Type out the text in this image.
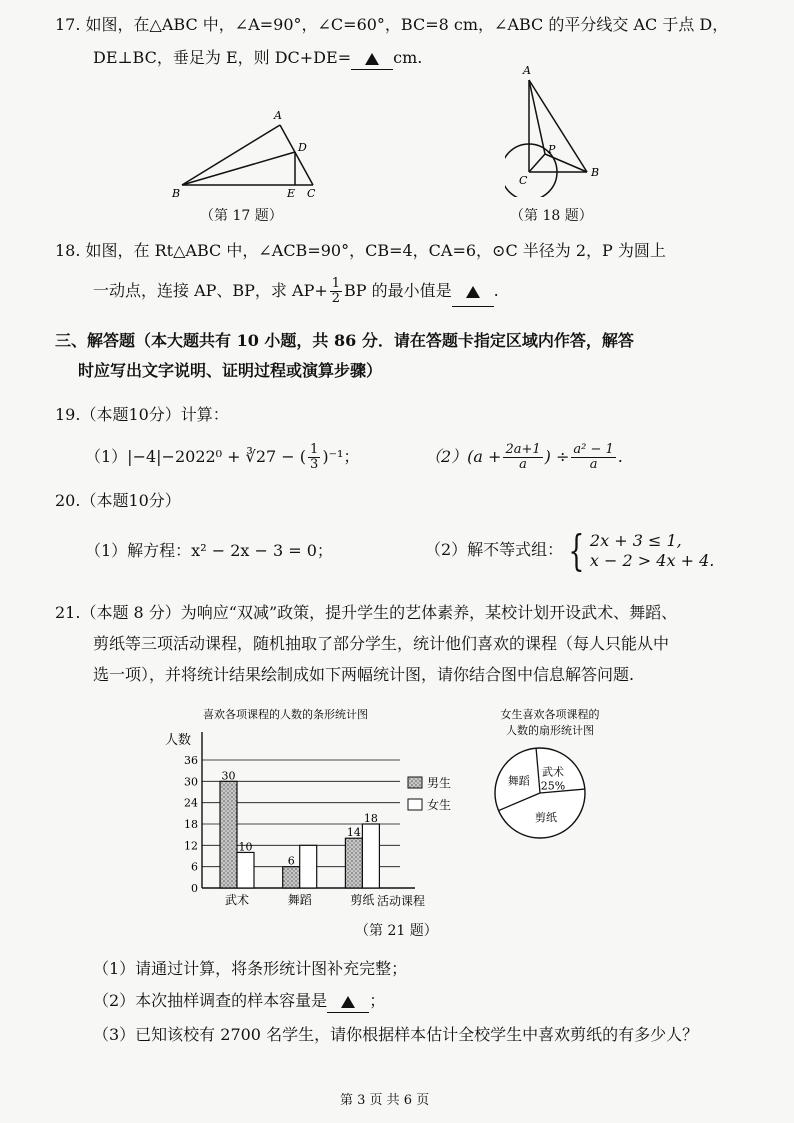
17. 如图，在△ABC 中，∠A=90°，∠C=60°，BC=8 cm，∠ABC 的平分线交 AC 于点 D，
DE⊥BC，垂足为 E，则 DC+DE=	cm.
A
B	C
D
E
（第 17 题）
A
C
B
P
（第 18 题）
18. 如图，在 Rt△ABC 中，∠ACB=90°，CB=4，CA=6，⊙C 半径为 2，P 为圆上
一动点，连接 AP、BP，求 $AP+ \frac{1}{2}$ BP 的最小值是	.
三、解答题（本大题共有 10 小题，共 86 分．请在答题卡指定区域内作答，解答
时应写出文字说明、证明过程或演算步骤）
19.（本题10分）计算：
（1）|−4|−2022⁰ + ∛27 − ( $\frac{1}{3} )^{-1}$；	$(2)(a + \frac{2a+1}{a}$ ) ÷ $\frac{\text{a² − 1}}{a}$ .
20.（本题10分）
（1）解方程：x² − 2x − 3 = 0；	（2）解不等式组： { 2x + 3 ≤ 1,
x − 2 > 4x + 4.
21.（本题 8 分）为响应“双减”政策，提升学生的艺体素养，某校计划开设武术、舞蹈、
剪纸等三项活动课程，随机抽取了部分学生，统计他们喜欢的课程（每人只能从中
选一项），并将统计结果绘制成如下两幅统计图，请你结合图中信息解答问题.
喜欢各项课程的人数的条形统计图
人数
活动课程
0
6
12
18
24
30
36
30
10
6
14
18
武术	舞蹈	剪纸
男生
女生
女生喜欢各项课程的
人数的扇形统计图
武术
25%
剪纸
舞蹈
（第 21 题）
（1）请通过计算，将条形统计图补充完整；
（2）本次抽样调查的样本容量是	；
（3）已知该校有 2700 名学生，请你根据样本估计全校学生中喜欢剪纸的有多少人？
第 3 页 共 6 页
